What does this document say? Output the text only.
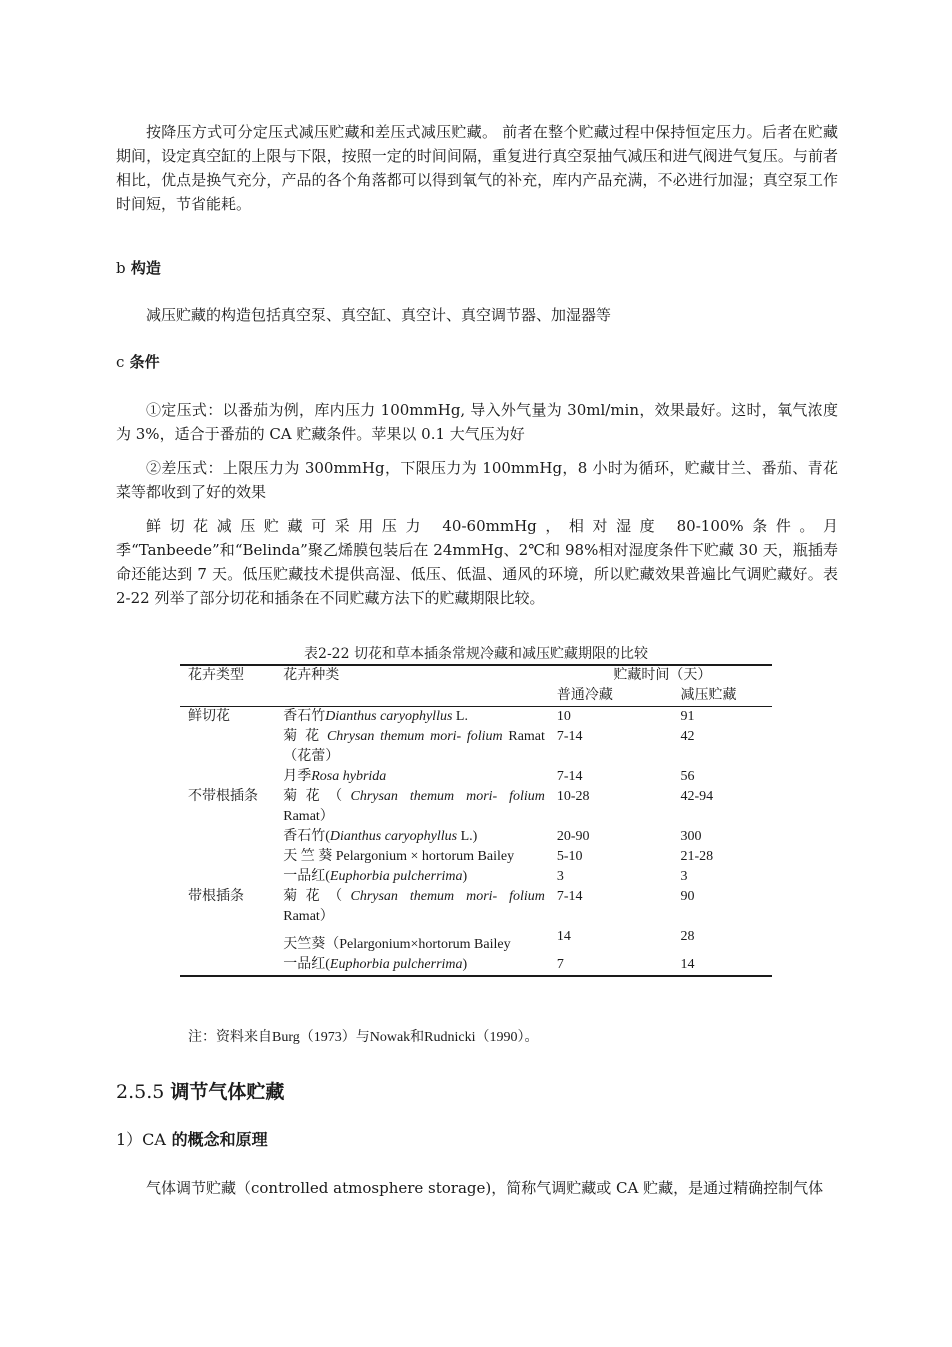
按降压方式可分定压式减压贮藏和差压式减压贮藏。 前者在整个贮藏过程中保持恒定压力。后者在贮藏期间，设定真空缸的上限与下限，按照一定的时间间隔，重复进行真空泵抽气减压和进气阀进气复压。与前者相比，优点是换气充分，产品的各个角落都可以得到氧气的补充，库内产品充满，不必进行加湿；真空泵工作时间短，节省能耗。

b 构造

减压贮藏的构造包括真空泵、真空缸、真空计、真空调节器、加湿器等

c 条件

①定压式：以番茄为例，库内压力 100mmHg, 导入外气量为 30ml/min，效果最好。这时，氧气浓度为 3%，适合于番茄的 CA 贮藏条件。苹果以 0.1 大气压为好

②差压式：上限压力为 300mmHg，下限压力为 100mmHg，8 小时为循环，贮藏甘兰、番茄、青花菜等都收到了好的效果

鲜切花减压贮藏可采用压力 40-60mmHg，相对湿度 80-100%条件。月季“Tanbeede”和“Belinda”聚乙烯膜包装后在 24mmHg、2℃和 98%相对湿度条件下贮藏 30 天，瓶插寿命还能达到 7 天。低压贮藏技术提供高湿、低压、低温、通风的环境，所以贮藏效果普遍比气调贮藏好。表 2-22 列举了部分切花和插条在不同贮藏方法下的贮藏期限比较。

表2-22 切花和草本插条常规冷藏和减压贮藏期限的比较

花卉类型	花卉种类	贮藏时间（天）	
		普通冷藏	减压贮藏
鲜切花	香石竹Dianthus caryophyllus L.	10	91
	菊 花 Chrysan themum mori- folium Ramat（花蕾）	7-14	42
	月季Rosa hybrida	7-14	56
不带根插条	菊花（Chrysan themum mori- folium Ramat）	10-28	42-94
	香石竹(Dianthus caryophyllus L.)	20-90	300
	天 竺 葵 Pelargonium × hortorum Bailey	5-10	21-28
	一品红(Euphorbia pulcherrima)	3	3
带根插条	菊花（Chrysan themum mori- folium Ramat）	7-14	90
	天竺葵（Pelargonium×hortorum Bailey	14	28
	一品红(Euphorbia pulcherrima)	7	14

注：资料来自Burg（1973）与Nowak和Rudnicki（1990）。

2.5.5 调节气体贮藏

1）CA 的概念和原理

气体调节贮藏（controlled atmosphere storage)，简称气调贮藏或 CA 贮藏，是通过精确控制气体
